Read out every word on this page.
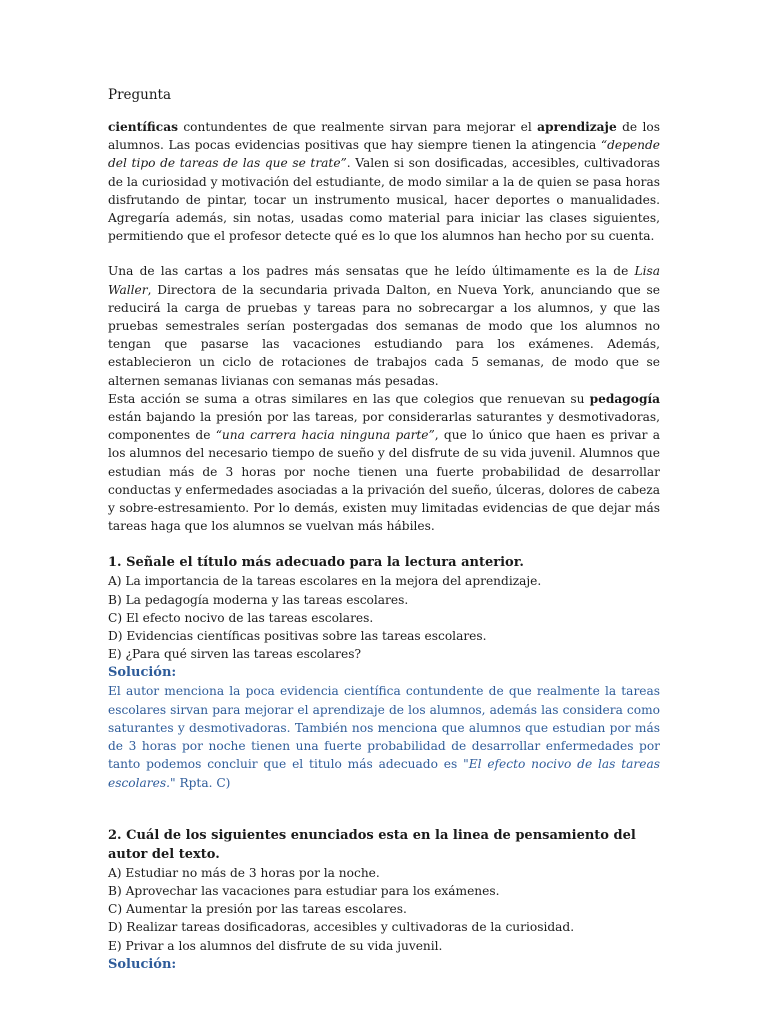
Pregunta

científicas contundentes de que realmente sirvan para mejorar el aprendizaje de los alumnos. Las pocas evidencias positivas que hay siempre tienen la atingencia “depende del tipo de tareas de las que se trate”. Valen si son dosificadas, accesibles, cultivadoras de la curiosidad y motivación del estudiante, de modo similar a la de quien se pasa horas disfrutando de pintar, tocar un instrumento musical, hacer deportes o manualidades. Agregaría además, sin notas, usadas como material para iniciar las clases siguientes, permitiendo que el profesor detecte qué es lo que los alumnos han hecho por su cuenta.

Una de las cartas a los padres más sensatas que he leído últimamente es la de Lisa Waller, Directora de la secundaria privada Dalton, en Nueva York, anunciando que se reducirá la carga de pruebas y tareas para no sobrecargar a los alumnos, y que las pruebas semestrales serían postergadas dos semanas de modo que los alumnos no tengan que pasarse las vacaciones estudiando para los exámenes. Además, establecieron un ciclo de rotaciones de trabajos cada 5 semanas, de modo que se alternen semanas livianas con semanas más pesadas.

Esta acción se suma a otras similares en las que colegios que renuevan su pedagogía están bajando la presión por las tareas, por considerarlas saturantes y desmotivadoras, componentes de “una carrera hacia ninguna parte”, que lo único que haen es privar a los alumnos del necesario tiempo de sueño y del disfrute de su vida juvenil. Alumnos que estudian más de 3 horas por noche tienen una fuerte probabilidad de desarrollar conductas y enfermedades asociadas a la privación del sueño, úlceras, dolores de cabeza y sobre-estresamiento. Por lo demás, existen muy limitadas evidencias de que dejar más tareas haga que los alumnos se vuelvan más hábiles.

1. Señale el título más adecuado para la lectura anterior.

A) La importancia de la tareas escolares en la mejora del aprendizaje.

B) La pedagogía moderna y las tareas escolares.

C) El efecto nocivo de las tareas escolares.

D) Evidencias científicas positivas sobre las tareas escolares.

E) ¿Para qué sirven las tareas escolares?

Solución:

El autor menciona la poca evidencia científica contundente de que realmente la tareas escolares sirvan para mejorar el aprendizaje de los alumnos, además las considera como saturantes y desmotivadoras. También nos menciona que alumnos que estudian por más de 3 horas por noche tienen una fuerte probabilidad de desarrollar enfermedades por tanto podemos concluir que el titulo más adecuado es "El efecto nocivo de las tareas escolares." Rpta. C)

2. Cuál de los siguientes enunciados esta en la linea de pensamiento del autor del texto.

A) Estudiar no más de 3 horas por la noche.

B) Aprovechar las vacaciones para estudiar para los exámenes.

C) Aumentar la presión por las tareas escolares.

D) Realizar tareas dosificadoras, accesibles y cultivadoras de la curiosidad.

E) Privar a los alumnos del disfrute de su vida juvenil.

Solución:
